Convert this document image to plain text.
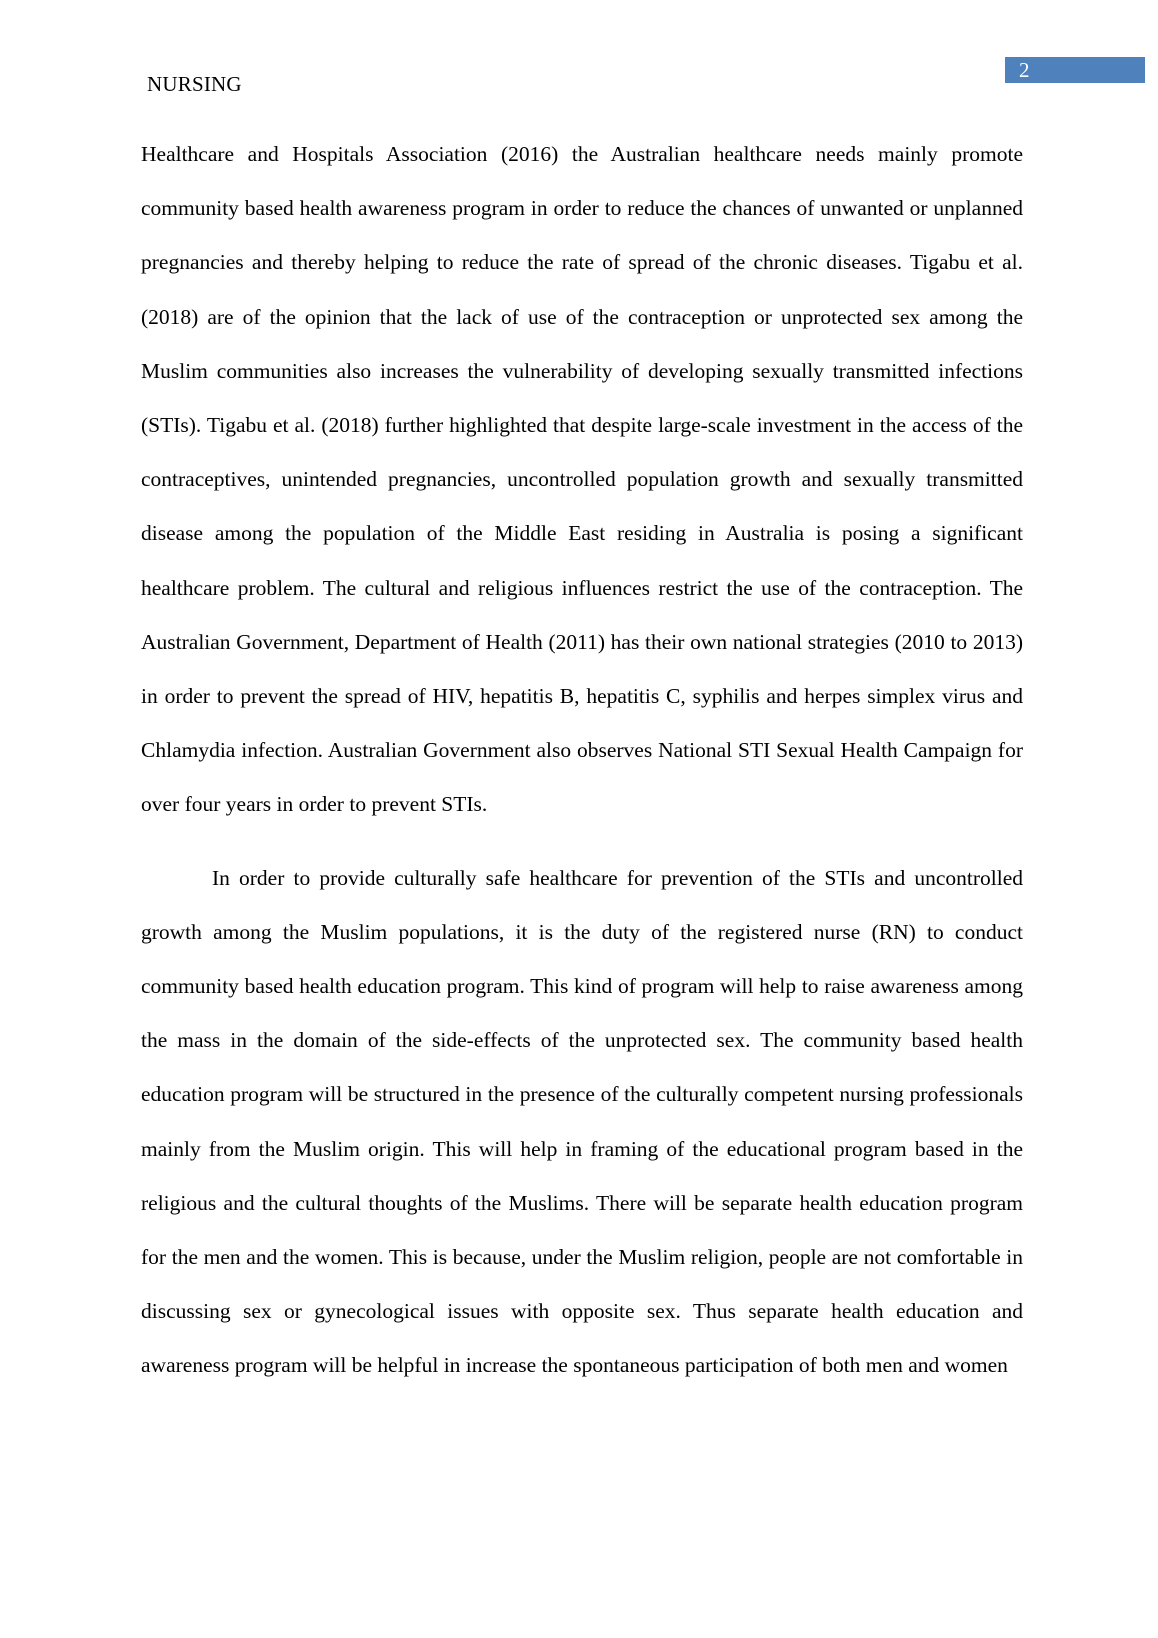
2
NURSING

Healthcare and Hospitals Association (2016) the Australian healthcare needs mainly promote community based health awareness program in order to reduce the chances of unwanted or unplanned pregnancies and thereby helping to reduce the rate of spread of the chronic diseases. Tigabu et al. (2018) are of the opinion that the lack of use of the contraception or unprotected sex among the Muslim communities also increases the vulnerability of developing sexually transmitted infections (STIs). Tigabu et al. (2018) further highlighted that despite large-scale investment in the access of the contraceptives, unintended pregnancies, uncontrolled population growth and sexually transmitted disease among the population of the Middle East residing in Australia is posing a significant healthcare problem. The cultural and religious influences restrict the use of the contraception. The Australian Government, Department of Health (2011) has their own national strategies (2010 to 2013) in order to prevent the spread of HIV, hepatitis B, hepatitis C, syphilis and herpes simplex virus and Chlamydia infection. Australian Government also observes National STI Sexual Health Campaign for over four years in order to prevent STIs.

In order to provide culturally safe healthcare for prevention of the STIs and uncontrolled growth among the Muslim populations, it is the duty of the registered nurse (RN) to conduct community based health education program. This kind of program will help to raise awareness among the mass in the domain of the side-effects of the unprotected sex. The community based health education program will be structured in the presence of the culturally competent nursing professionals mainly from the Muslim origin. This will help in framing of the educational program based in the religious and the cultural thoughts of the Muslims. There will be separate health education program for the men and the women. This is because, under the Muslim religion, people are not comfortable in discussing sex or gynecological issues with opposite sex. Thus separate health education and awareness program will be helpful in increase the spontaneous participation of both men and women
